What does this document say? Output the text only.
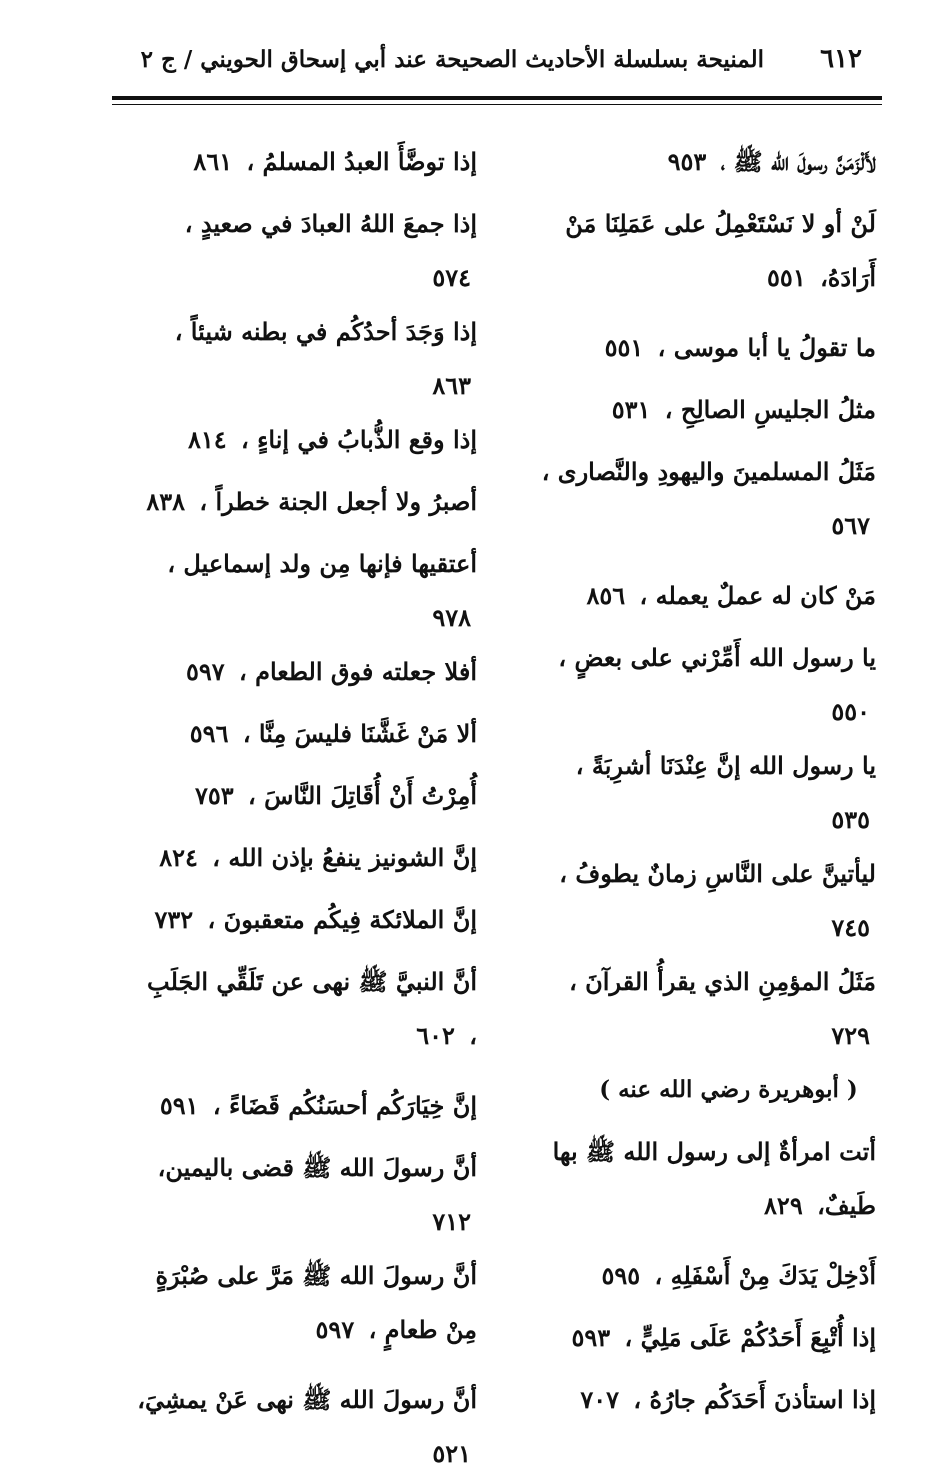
٦١٢
المنيحة بسلسلة الأحاديث الصحيحة عند أبي إسحاق الحويني / ج ٢
لأَلْزَمَنَّ رسولَ الله ﷺ ، ٩٥٣
لَنْ أو لا نَسْتَعْمِلُ على عَمَلِنَا مَنْ أَرَادَهُ، ٥٥١
ما تقولُ يا أبا موسى ، ٥٥١
مثلُ الجليسِ الصالِحِ ، ٥٣١
مَثَلُ المسلمينَ واليهودِ والنَّصارى ، ٥٦٧
مَنْ كان له عملٌ يعمله ، ٨٥٦
يا رسول الله أَمِّرْني على بعضٍ ، ٥٥٠
يا رسول الله إنَّ عِنْدَنَا أشرِبَةً ، ٥٣٥
ليأتينَّ على النَّاسِ زمانٌ يطوفُ ، ٧٤٥
مَثَلُ المؤمِنِ الذي يقرأُ القرآنَ ، ٧٢٩
( أبوهريرة رضي الله عنه )
أتت امرأةٌ إلى رسول الله ﷺ بها طَيفٌ، ٨٢٩
أَدْخِلْ يَدَكَ مِنْ أَسْفَلِهِ ، ٥٩٥
إذا أُتْبِعَ أَحَدُكُمْ عَلَى مَلِيٍّ ، ٥٩٣
إذا استأذنَ أَحَدَكُم جارُهُ ، ٧٠٧
إذا توضَّأَ العبدُ المسلمُ ، ٨٦١
إذا جمعَ اللهُ العبادَ في صعيدٍ ، ٥٧٤
إذا وَجَدَ أحدُكُم في بطنه شيئاً ، ٨٦٣
إذا وقع الذُّبابُ في إناءٍ ، ٨١٤
أصبرُ ولا أجعل الجنة خطراً ، ٨٣٨
أعتقيها فإنها مِن ولد إسماعيل ، ٩٧٨
أفلا جعلته فوق الطعام ، ٥٩٧
ألا مَنْ غَشَّنَا فليسَ مِنَّا ، ٥٩٦
أُمِرْتُ أَنْ أُقَاتِلَ النَّاسَ ، ٧٥٣
إنَّ الشونيز ينفعُ بإذن الله ، ٨٢٤
إنَّ الملائكة فِيكُم متعقبونَ ، ٧٣٢
أنَّ النبيَّ ﷺ نهى عن تَلَقِّي الجَلَبِ ، ٦٠٢
إنَّ خِيَارَكُم أحسَنُكُم قَضَاءً ، ٥٩١
أنَّ رسولَ الله ﷺ قضى باليمين، ٧١٢
أنَّ رسولَ الله ﷺ مَرَّ على صُبْرَةٍ مِنْ طعامٍ ، ٥٩٧
أنَّ رسولَ الله ﷺ نهى عَنْ يمشِيَ، ٥٢١
